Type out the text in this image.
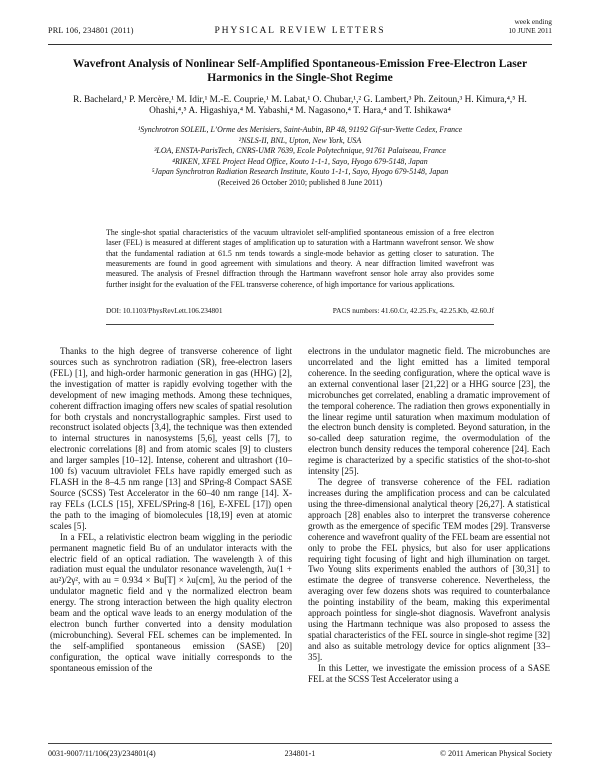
PRL 106, 234801 (2011)	PHYSICAL REVIEW LETTERS
week ending
10 JUNE 2011
Wavefront Analysis of Nonlinear Self-Amplified Spontaneous-Emission Free-Electron Laser Harmonics in the Single-Shot Regime
R. Bachelard,¹ P. Mercère,¹ M. Idir,¹ M.-E. Couprie,¹ M. Labat,¹ O. Chubar,¹,² G. Lambert,³ Ph. Zeitoun,³ H. Kimura,⁴,⁵ H. Ohashi,⁴,⁵ A. Higashiya,⁴ M. Yabashi,⁴ M. Nagasono,⁴ T. Hara,⁴ and T. Ishikawa⁴
¹Synchrotron SOLEIL, L’Orme des Merisiers, Saint-Aubin, BP 48, 91192 Gif-sur-Yvette Cedex, France
²NSLS-II, BNL, Upton, New York, USA
³LOA, ENSTA-ParisTech, CNRS-UMR 7639, Ecole Polytechnique, 91761 Palaiseau, France
⁴RIKEN, XFEL Project Head Office, Kouto 1-1-1, Sayo, Hyogo 679-5148, Japan
⁵Japan Synchrotron Radiation Research Institute, Kouto 1-1-1, Sayo, Hyogo 679-5148, Japan
(Received 26 October 2010; published 8 June 2011)
The single-shot spatial characteristics of the vacuum ultraviolet self-amplified spontaneous emission of a free electron laser (FEL) is measured at different stages of amplification up to saturation with a Hartmann wavefront sensor. We show that the fundamental radiation at 61.5 nm tends towards a single-mode behavior as getting closer to saturation. The measurements are found in good agreement with simulations and theory. A near diffraction limited wavefront was measured. The analysis of Fresnel diffraction through the Hartmann wavefront sensor hole array also provides some further insight for the evaluation of the FEL transverse coherence, of high importance for various applications.
DOI: 10.1103/PhysRevLett.106.234801	PACS numbers: 41.60.Cr, 42.25.Fx, 42.25.Kb, 42.60.Jf

Thanks to the high degree of transverse coherence of light sources such as synchrotron radiation (SR), free-electron lasers (FEL) [1], and high-order harmonic generation in gas (HHG) [2], the investigation of matter is rapidly evolving together with the development of new imaging methods. Among these techniques, coherent diffraction imaging offers new scales of spatial resolution for both crystals and noncrystallographic samples. First used to reconstruct isolated objects [3,4], the technique was then extended to internal structures in nanosystems [5,6], yeast cells [7], to electronic correlations [8] and from atomic scales [9] to clusters and larger samples [10–12]. Intense, coherent and ultrashort (10–100 fs) vacuum ultraviolet FELs have rapidly emerged such as FLASH in the 8–4.5 nm range [13] and SPring-8 Compact SASE Source (SCSS) Test Accelerator in the 60–40 nm range [14]. X-ray FELs (LCLS [15], XFEL/SPring-8 [16], E-XFEL [17]) open the path to the imaging of biomolecules [18,19] even at atomic scales [5].

In a FEL, a relativistic electron beam wiggling in the periodic permanent magnetic field Bu of an undulator interacts with the electric field of an optical radiation. The wavelength λ of this radiation must equal the undulator resonance wavelength, λu(1 + au²)/2γ², with au = 0.934 × Bu[T] × λu[cm], λu the period of the undulator magnetic field and γ the normalized electron beam energy. The strong interaction between the high quality electron beam and the optical wave leads to an energy modulation of the electron bunch further converted into a density modulation (microbunching). Several FEL schemes can be implemented. In the self-amplified spontaneous emission (SASE) [20] configuration, the optical wave initially corresponds to the spontaneous emission of the

electrons in the undulator magnetic field. The microbunches are uncorrelated and the light emitted has a limited temporal coherence. In the seeding configuration, where the optical wave is an external conventional laser [21,22] or a HHG source [23], the microbunches get correlated, enabling a dramatic improvement of the temporal coherence. The radiation then grows exponentially in the linear regime until saturation when maximum modulation of the electron bunch density is completed. Beyond saturation, in the so-called deep saturation regime, the overmodulation of the electron bunch density reduces the temporal coherence [24]. Each regime is characterized by a specific statistics of the shot-to-shot intensity [25].

The degree of transverse coherence of the FEL radiation increases during the amplification process and can be calculated using the three-dimensional analytical theory [26,27]. A statistical approach [28] enables also to interpret the transverse coherence growth as the emergence of specific TEM modes [29]. Transverse coherence and wavefront quality of the FEL beam are essential not only to probe the FEL physics, but also for user applications requiring tight focusing of light and high illumination on target. Two Young slits experiments enabled the authors of [30,31] to estimate the degree of transverse coherence. Nevertheless, the averaging over few dozens shots was required to counterbalance the pointing instability of the beam, making this experimental approach pointless for single-shot diagnosis. Wavefront analysis using the Hartmann technique was also proposed to assess the spatial characteristics of the FEL source in single-shot regime [32] and also as suitable metrology device for optics alignment [33–35].

In this Letter, we investigate the emission process of a SASE FEL at the SCSS Test Accelerator using a

0031-9007/11/106(23)/234801(4)	234801-1	© 2011 American Physical Society
